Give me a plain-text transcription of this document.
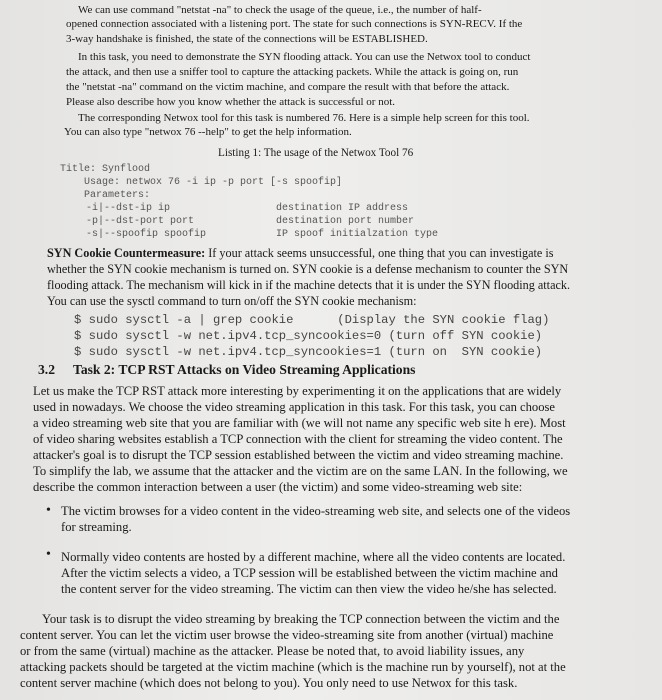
We can use command "netstat -na" to check the usage of the queue, i.e., the number of half-

opened connection associated with a listening port. The state for such connections is SYN-RECV. If the

3-way handshake is finished, the state of the connections will be ESTABLISHED.

In this task, you need to demonstrate the SYN flooding attack. You can use the Netwox tool to conduct

the attack, and then use a sniffer tool to capture the attacking packets. While the attack is going on, run

the "netstat -na" command on the victim machine, and compare the result with that before the attack.

Please also describe how you know whether the attack is successful or not.

The corresponding Netwox tool for this task is numbered 76. Here is a simple help screen for this tool.

You can also type "netwox 76 --help" to get the help information.

Listing 1: The usage of the Netwox Tool 76
Title: Synflood
Usage: netwox 76 -i ip -p port [-s spoofip]
Parameters:
-i|--dst-ip ip	destination IP address
-p|--dst-port port	destination port number
-s|--spoofip spoofip	IP spoof initialzation type

SYN Cookie Countermeasure: If your attack seems unsuccessful, one thing that you can investigate is

whether the SYN cookie mechanism is turned on. SYN cookie is a defense mechanism to counter the SYN

flooding attack. The mechanism will kick in if the machine detects that it is under the SYN flooding attack.

You can use the sysctl command to turn on/off the SYN cookie mechanism:

$ sudo sysctl -a | grep cookie      (Display the SYN cookie flag)
$ sudo sysctl -w net.ipv4.tcp_syncookies=0 (turn off SYN cookie)
$ sudo sysctl -w net.ipv4.tcp_syncookies=1 (turn on  SYN cookie)
3.2 Task 2: TCP RST Attacks on Video Streaming Applications

Let us make the TCP RST attack more interesting by experimenting it on the applications that are widely

used in nowadays. We choose the video streaming application in this task. For this task, you can choose

a video streaming web site that you are familiar with (we will not name any specific web site h ere). Most

of video sharing websites establish a TCP connection with the client for streaming the video content. The

attacker's goal is to disrupt the TCP session established between the victim and video streaming machine.

To simplify the lab, we assume that the attacker and the victim are on the same LAN. In the following, we

describe the common interaction between a user (the victim) and some video-streaming web site:

• The victim browses for a video content in the video-streaming web site, and selects one of the videos

for streaming.

• Normally video contents are hosted by a different machine, where all the video contents are located.

After the victim selects a video, a TCP session will be established between the victim machine and

the content server for the video streaming. The victim can then view the video he/she has selected.

Your task is to disrupt the video streaming by breaking the TCP connection between the victim and the

content server. You can let the victim user browse the video-streaming site from another (virtual) machine

or from the same (virtual) machine as the attacker. Please be noted that, to avoid liability issues, any

attacking packets should be targeted at the victim machine (which is the machine run by yourself), not at the

content server machine (which does not belong to you). You only need to use Netwox for this task.
